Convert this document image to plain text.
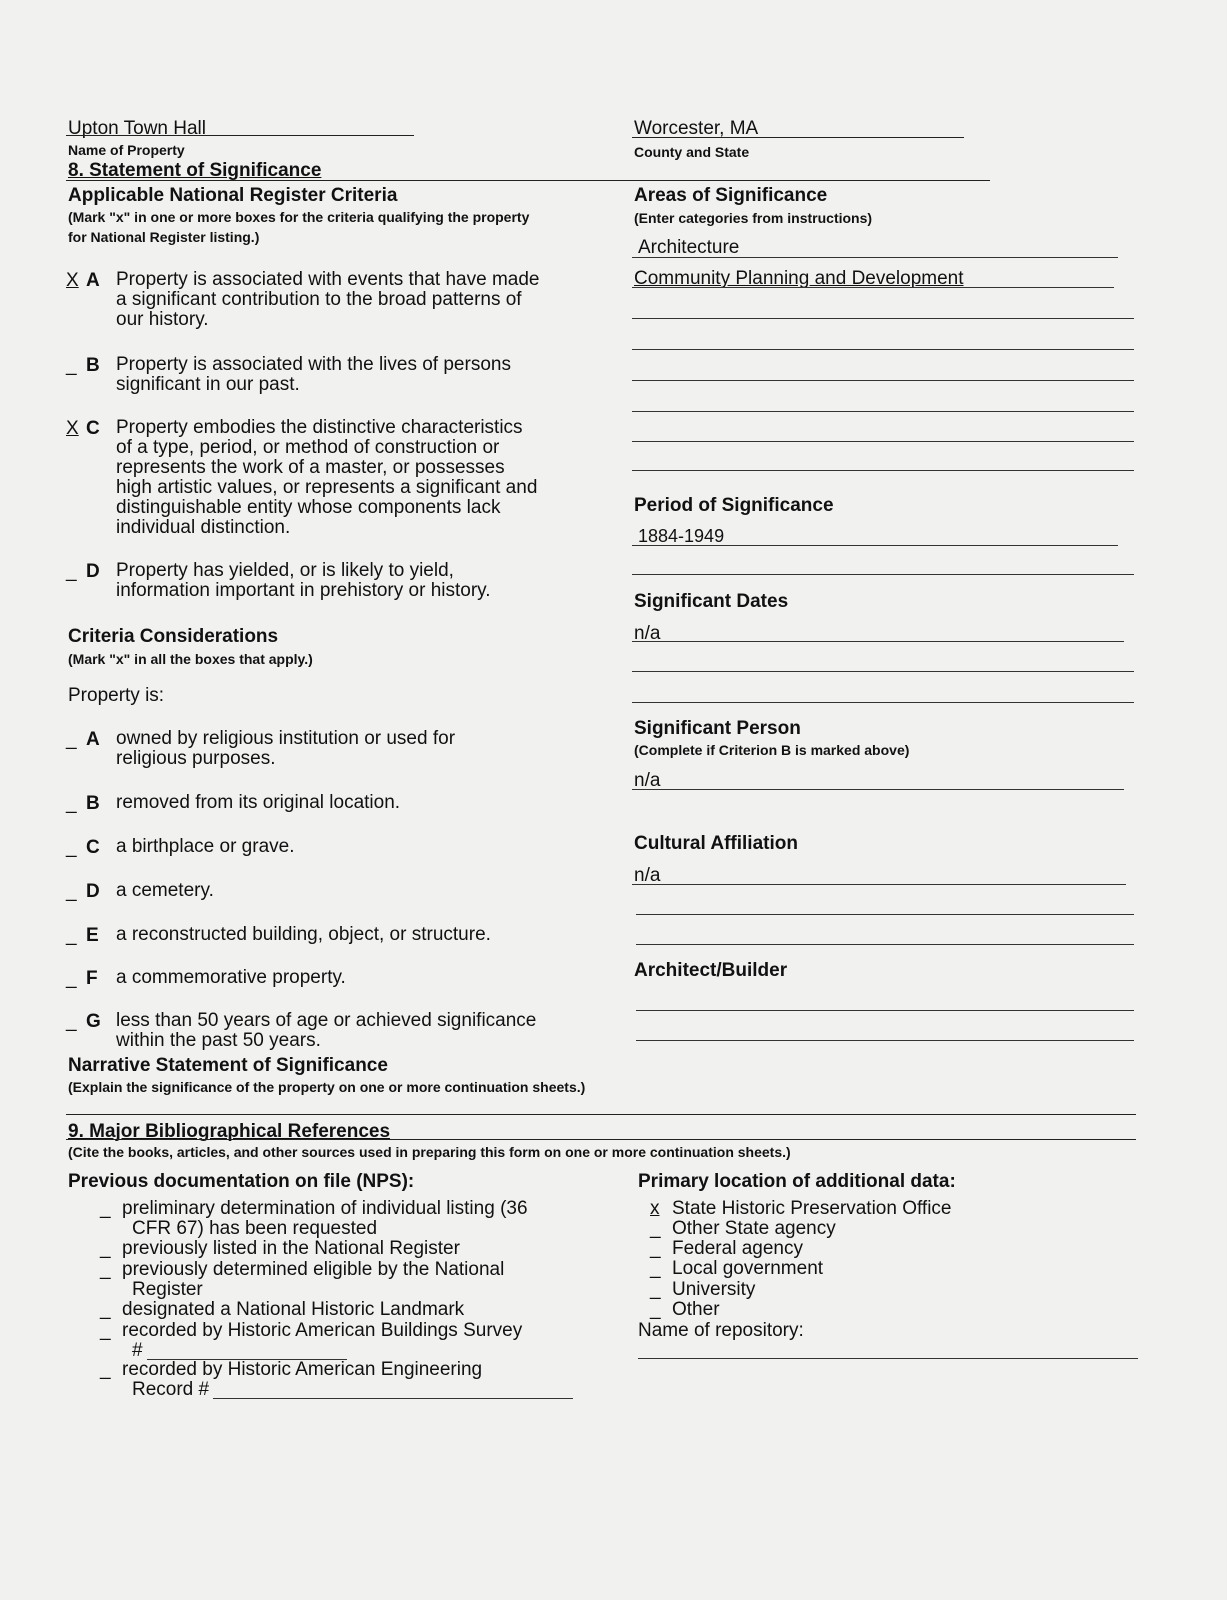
Upton Town Hall
Name of Property
Worcester, MA
County and State
8. Statement of Significance
Applicable National Register Criteria
(Mark "x" in one or more boxes for the criteria qualifying the property
for National Register listing.)
X A Property is associated with events that have made
a significant contribution to the broad patterns of
our history.
_ B Property is associated with the lives of persons
significant in our past.
X C Property embodies the distinctive characteristics
of a type, period, or method of construction or
represents the work of a master, or possesses
high artistic values, or represents a significant and
distinguishable entity whose components lack
individual distinction.
_ D Property has yielded, or is likely to yield,
information important in prehistory or history.
Criteria Considerations
(Mark "x" in all the boxes that apply.)
Property is:
_ A owned by religious institution or used for
religious purposes.
_ B removed from its original location.
_ C a birthplace or grave.
_ D a cemetery.
_ E a reconstructed building, object, or structure.
_ F a commemorative property.
_ G less than 50 years of age or achieved significance
within the past 50 years.
Narrative Statement of Significance
(Explain the significance of the property on one or more continuation sheets.)
Areas of Significance
(Enter categories from instructions)
Architecture
Community Planning and Development
Period of Significance
1884-1949
Significant Dates
n/a
Significant Person
(Complete if Criterion B is marked above)
n/a
Cultural Affiliation
n/a
Architect/Builder
9. Major Bibliographical References
(Cite the books, articles, and other sources used in preparing this form on one or more continuation sheets.)
Previous documentation on file (NPS):
_ preliminary determination of individual listing (36
CFR 67) has been requested
_ previously listed in the National Register
_ previously determined eligible by the National
Register
_ designated a National Historic Landmark
_ recorded by Historic American Buildings Survey
#
_ recorded by Historic American Engineering
Record #
Primary location of additional data:
x State Historic Preservation Office
_ Other State agency
_ Federal agency
_ Local government
_ University
_ Other
Name of repository:
